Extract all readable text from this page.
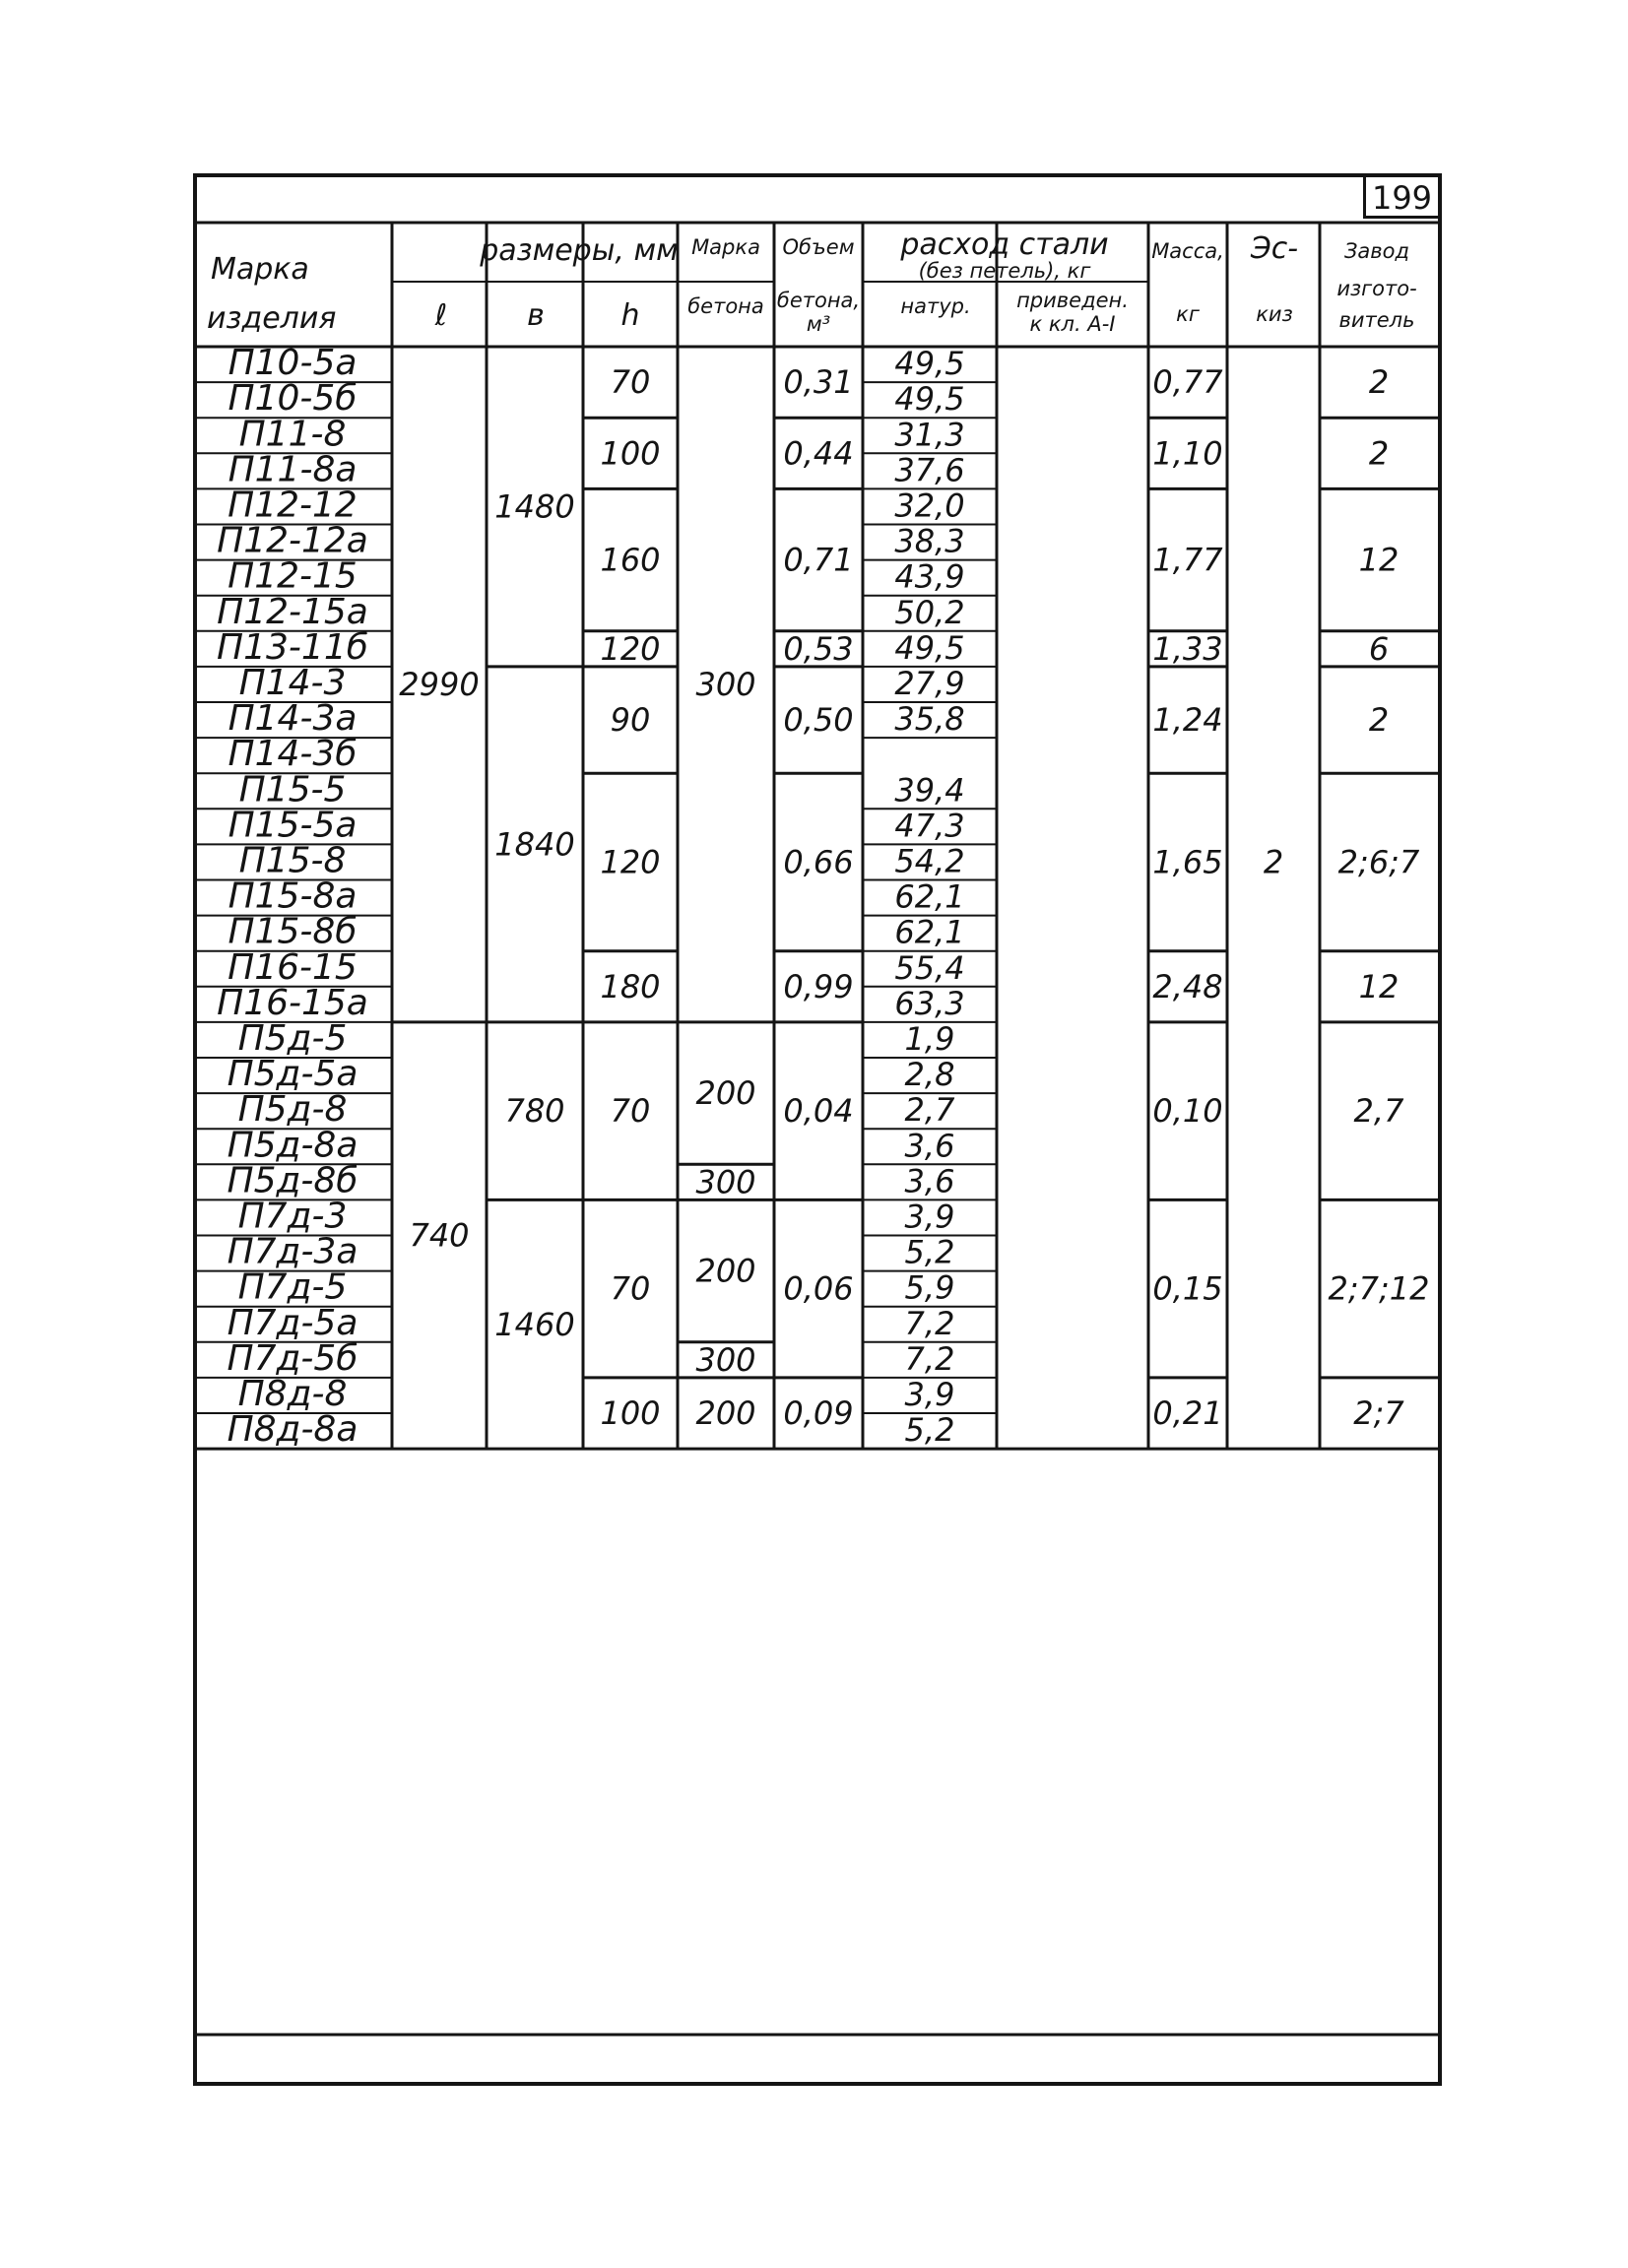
199
Марка
изделия
размеры, мм
ℓ	в	h
Марка
бетона
Объем
бетона,
м³
расход стали
(без петель), кг
натур. приведен.
к кл. А-I
Масса,
кг
Эс-
киз
Завод
изгото-
витель
П10-5а
П10-5б
П11-8
П11-8а
П12-12
П12-12а
П12-15
П12-15а
П13-11б
П14-3
П14-3а
П14-3б
П15-5
П15-5а
П15-8
П15-8а
П15-8б
П16-15
П16-15а
П5д-5
П5д-5а
П5д-8
П5д-8а
П5д-8б
П7д-3
П7д-3а
П7д-5
П7д-5а
П7д-5б
П8д-8
П8д-8а
49,5
49,5
31,3
37,6
32,0
38,3
43,9
50,2
49,5
27,9
35,8
39,4
47,3
54,2
62,1
62,1
55,4
63,3
1,9
2,8
2,7
3,6
3,6
3,9
5,2
5,9
7,2
7,2
3,9
5,2
2990
740
1480
1840
780
1460
70
100
160
120
90
120
180
70
70
100
300
200
300
200
300
200
0,31
0,44
0,71
0,53
0,50
0,66
0,99
0,04
0,06
0,09
0,77
1,10
1,77
1,33
1,24
1,65
2,48
0,10
0,15
0,21
2
2
2
12
6
2
2;6;7
12
2,7
2;7;12
2;7
